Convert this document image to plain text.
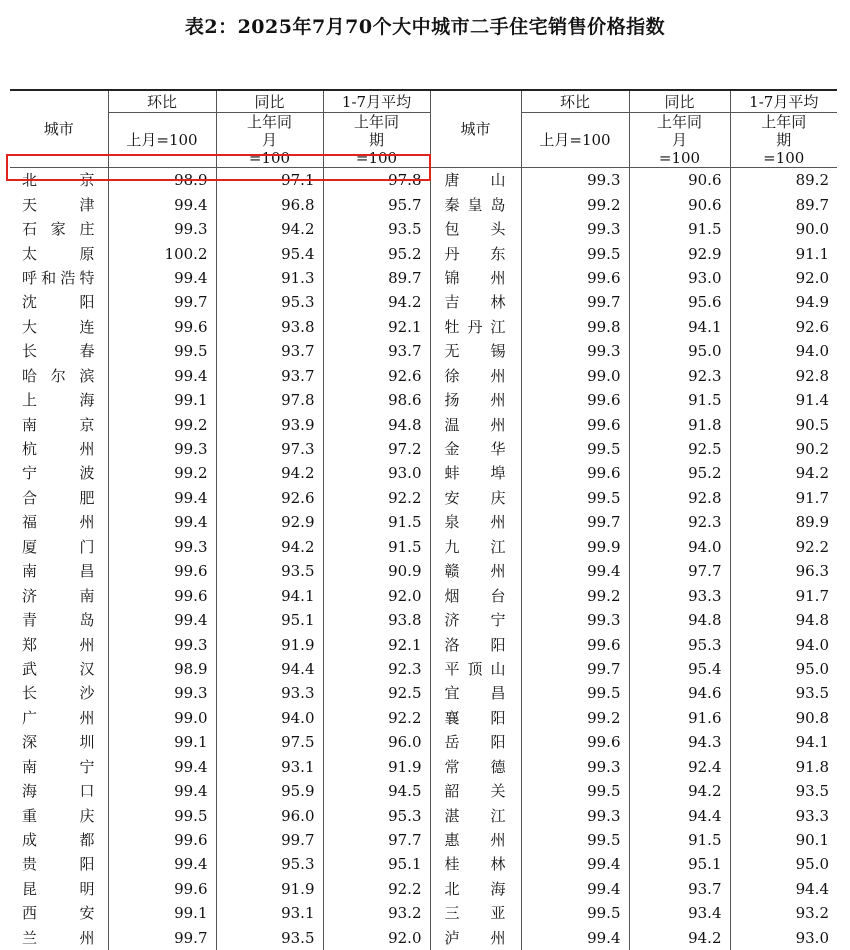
表2：2025年7月70个大中城市二手住宅销售价格指数
城市	环比	同比	1-7月平均	城市	环比	同比	1-7月平均
	上月=100	上年同月=100	上年同期=100		上月=100	上年同月=100	上年同期=100
北京	98.9	97.1	97.8	唐山	99.3	90.6	89.2
天津	99.4	96.8	95.7	秦皇岛	99.2	90.6	89.7
石家庄	99.3	94.2	93.5	包头	99.3	91.5	90.0
太原	100.2	95.4	95.2	丹东	99.5	92.9	91.1
呼和浩特	99.4	91.3	89.7	锦州	99.6	93.0	92.0
沈阳	99.7	95.3	94.2	吉林	99.7	95.6	94.9
大连	99.6	93.8	92.1	牡丹江	99.8	94.1	92.6
长春	99.5	93.7	93.7	无锡	99.3	95.0	94.0
哈尔滨	99.4	93.7	92.6	徐州	99.0	92.3	92.8
上海	99.1	97.8	98.6	扬州	99.6	91.5	91.4
南京	99.2	93.9	94.8	温州	99.6	91.8	90.5
杭州	99.3	97.3	97.2	金华	99.5	92.5	90.2
宁波	99.2	94.2	93.0	蚌埠	99.6	95.2	94.2
合肥	99.4	92.6	92.2	安庆	99.5	92.8	91.7
福州	99.4	92.9	91.5	泉州	99.7	92.3	89.9
厦门	99.3	94.2	91.5	九江	99.9	94.0	92.2
南昌	99.6	93.5	90.9	赣州	99.4	97.7	96.3
济南	99.6	94.1	92.0	烟台	99.2	93.3	91.7
青岛	99.4	95.1	93.8	济宁	99.3	94.8	94.8
郑州	99.3	91.9	92.1	洛阳	99.6	95.3	94.0
武汉	98.9	94.4	92.3	平顶山	99.7	95.4	95.0
长沙	99.3	93.3	92.5	宜昌	99.5	94.6	93.5
广州	99.0	94.0	92.2	襄阳	99.2	91.6	90.8
深圳	99.1	97.5	96.0	岳阳	99.6	94.3	94.1
南宁	99.4	93.1	91.9	常德	99.3	92.4	91.8
海口	99.4	95.9	94.5	韶关	99.5	94.2	93.5
重庆	99.5	96.0	95.3	湛江	99.3	94.4	93.3
成都	99.6	99.7	97.7	惠州	99.5	91.5	90.1
贵阳	99.4	95.3	95.1	桂林	99.4	95.1	95.0
昆明	99.6	91.9	92.2	北海	99.4	93.7	94.4
西安	99.1	93.1	93.2	三亚	99.5	93.4	93.2
兰州	99.7	93.5	92.0	泸州	99.4	94.2	93.0
